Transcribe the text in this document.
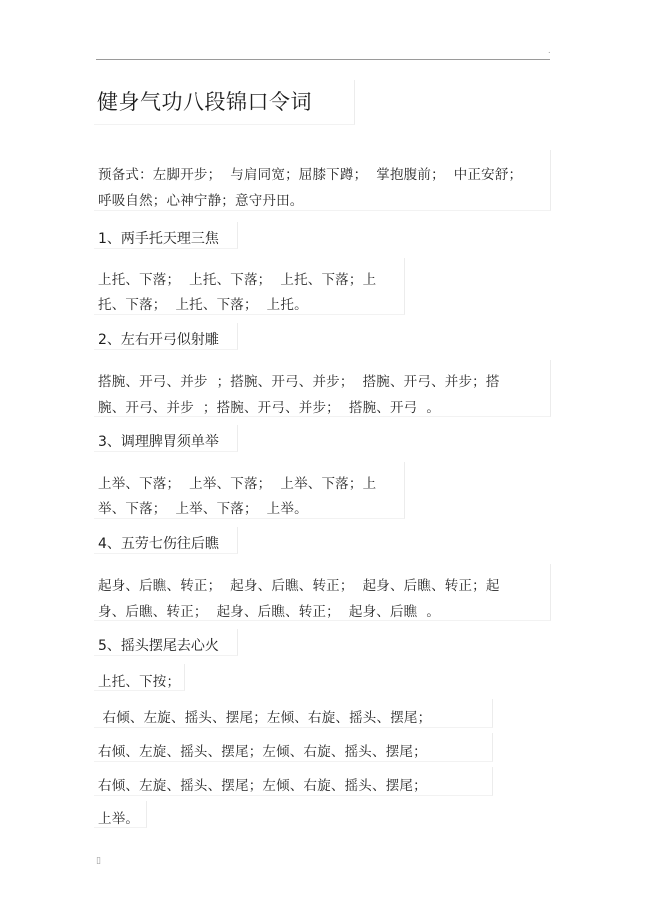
.
健身气功八段锦口令词
预备式：左脚开步；  与肩同宽；屈膝下蹲；  掌抱腹前；  中正安舒；
呼吸自然；心神宁静；意守丹田。
1、两手托天理三焦
上托、下落；  上托、下落；  上托、下落；上
托、下落；  上托、下落；  上托。
2、左右开弓似射雕
搭腕、开弓、并步  ；搭腕、开弓、并步；  搭腕、开弓、并步；搭
腕、开弓、并步  ；搭腕、开弓、并步；  搭腕、开弓  。
3、调理脾胃须单举
上举、下落；  上举、下落；  上举、下落；上
举、下落；  上举、下落；  上举。
4、五劳七伤往后瞧
起身、后瞧、转正；  起身、后瞧、转正；  起身、后瞧、转正；起
身、后瞧、转正；  起身、后瞧、转正；  起身、后瞧  。
5、摇头摆尾去心火
上托、下按；
右倾、左旋、摇头、摆尾；左倾、右旋、摇头、摆尾；
右倾、左旋、摇头、摆尾；左倾、右旋、摇头、摆尾；
右倾、左旋、摇头、摆尾；左倾、右旋、摇头、摆尾；
上举。
▯
